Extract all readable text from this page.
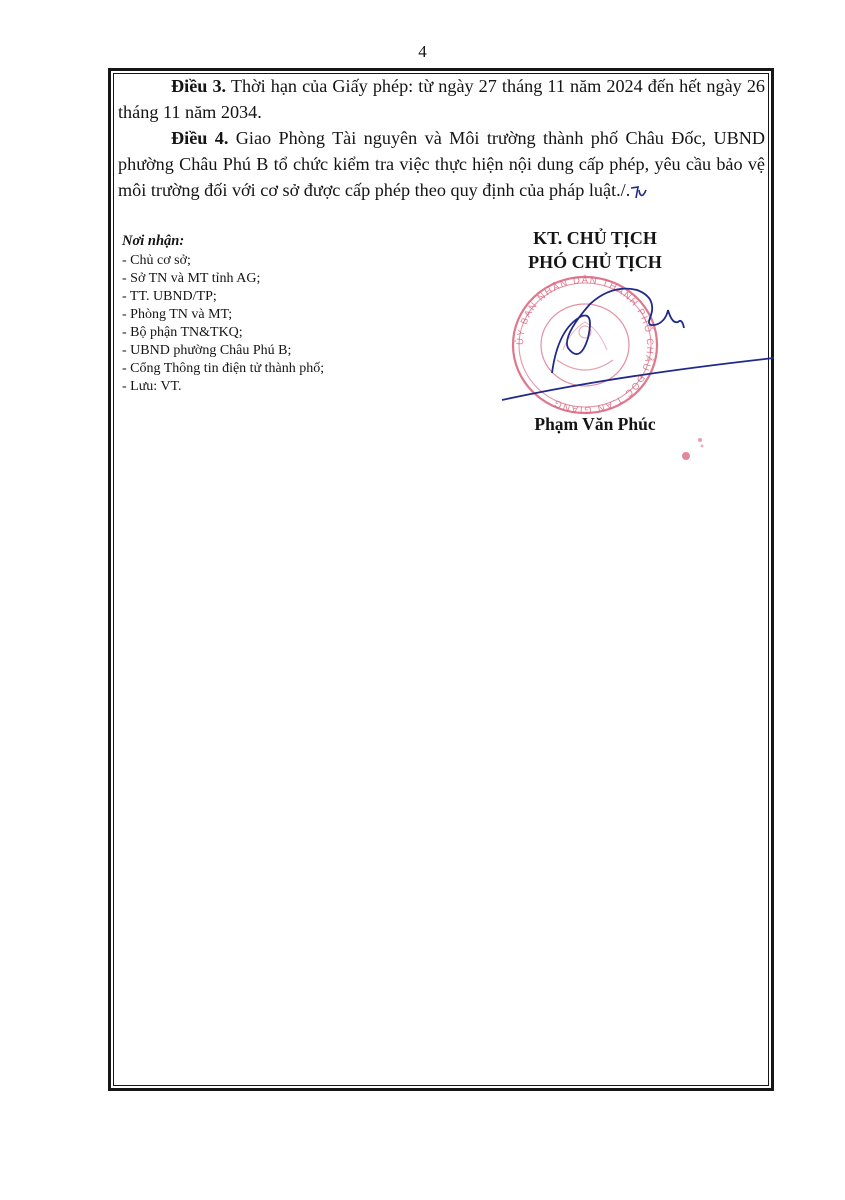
4
Điều 3. Thời hạn của Giấy phép: từ ngày 27 tháng 11 năm 2024 đến hết ngày 26 tháng 11 năm 2034.
Điều 4. Giao Phòng Tài nguyên và Môi trường thành phố Châu Đốc, UBND phường Châu Phú B tổ chức kiểm tra việc thực hiện nội dung cấp phép, yêu cầu bảo vệ môi trường đối với cơ sở được cấp phép theo quy định của pháp luật./.
Nơi nhận:
- Chủ cơ sở;
- Sở TN và MT tỉnh AG;
- TT. UBND/TP;
- Phòng TN và MT;
- Bộ phận TN&TKQ;
- UBND phường Châu Phú B;
- Cổng Thông tin điện tử thành phố;
- Lưu: VT.
KT. CHỦ TỊCH
PHÓ CHỦ TỊCH
ỦY BAN NHÂN DÂN THÀNH PHỐ CHÂU ĐỐC T.AN GIANG
Phạm Văn Phúc
